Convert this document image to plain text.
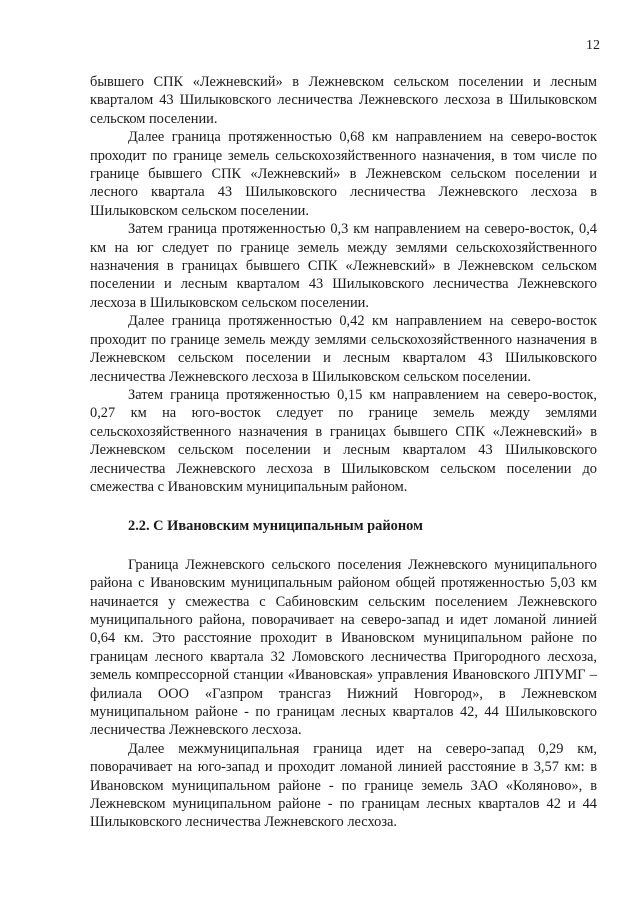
12

бывшего СПК «Лежневский» в Лежневском сельском поселении и лесным кварталом 43 Шилыковского лесничества Лежневского лесхоза в Шилыковском сельском поселении.

Далее граница протяженностью 0,68 км направлением на северо-восток проходит по границе земель сельскохозяйственного назначения, в том числе по границе бывшего СПК «Лежневский» в Лежневском сельском поселении и лесного квартала 43 Шилыковского лесничества Лежневского лесхоза в Шилыковском сельском поселении.

Затем граница протяженностью 0,3 км направлением на северо-восток, 0,4 км на юг следует по границе земель между землями сельскохозяйственного назначения в границах бывшего СПК «Лежневский» в Лежневском сельском поселении и лесным кварталом 43 Шилыковского лесничества Лежневского лесхоза в Шилыковском сельском поселении.

Далее граница протяженностью 0,42 км направлением на северо-восток проходит по границе земель между землями сельскохозяйственного назначения в Лежневском сельском поселении и лесным кварталом 43 Шилыковского лесничества Лежневского лесхоза в Шилыковском сельском поселении.

Затем граница протяженностью 0,15 км направлением на северо-восток, 0,27 км на юго-восток следует по границе земель между землями сельскохозяйственного назначения в границах бывшего СПК «Лежневский» в Лежневском сельском поселении и лесным кварталом 43 Шилыковского лесничества Лежневского лесхоза в Шилыковском сельском поселении до смежества с Ивановским муниципальным районом.

2.2. С Ивановским муниципальным районом

Граница Лежневского сельского поселения Лежневского муниципального района с Ивановским муниципальным районом общей протяженностью 5,03 км начинается у смежества с Сабиновским сельским поселением Лежневского муниципального района, поворачивает на северо-запад и идет ломаной линией 0,64 км. Это расстояние проходит в Ивановском муниципальном районе по границам лесного квартала 32 Ломовского лесничества Пригородного лесхоза, земель компрессорной станции «Ивановская» управления Ивановского ЛПУМГ – филиала ООО «Газпром трансгаз Нижний Новгород», в Лежневском муниципальном районе - по границам лесных кварталов 42, 44 Шилыковского лесничества Лежневского лесхоза.

Далее межмуниципальная граница идет на северо-запад 0,29 км, поворачивает на юго-запад и проходит ломаной линией расстояние в 3,57 км: в Ивановском муниципальном районе - по границе земель ЗАО «Коляново», в Лежневском муниципальном районе - по границам лесных кварталов 42 и 44 Шилыковского лесничества Лежневского лесхоза.
